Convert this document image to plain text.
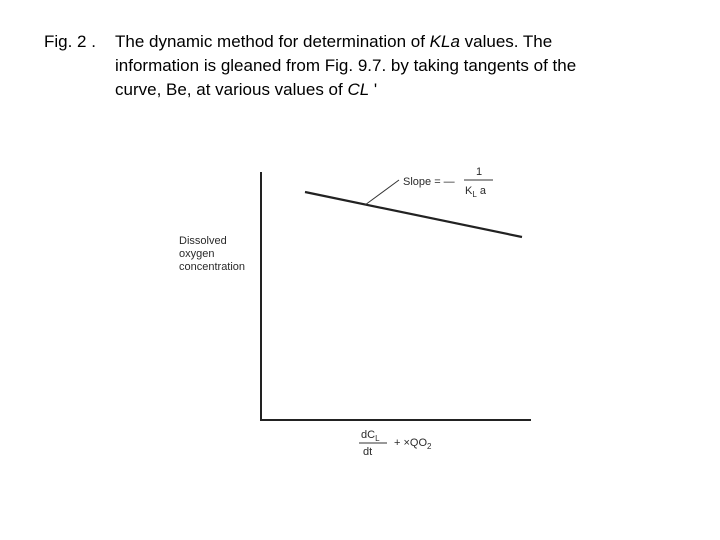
Fig. 2 . The dynamic method for determination of KLa values. The
information is gleaned from Fig. 9.7. by taking tangents of the
curve, Be, at various values of CL '
Dissolved oxygen concentration
Slope = —
1
$K_L$ a
$dC_L$
dt
+ $\times QO_2$
